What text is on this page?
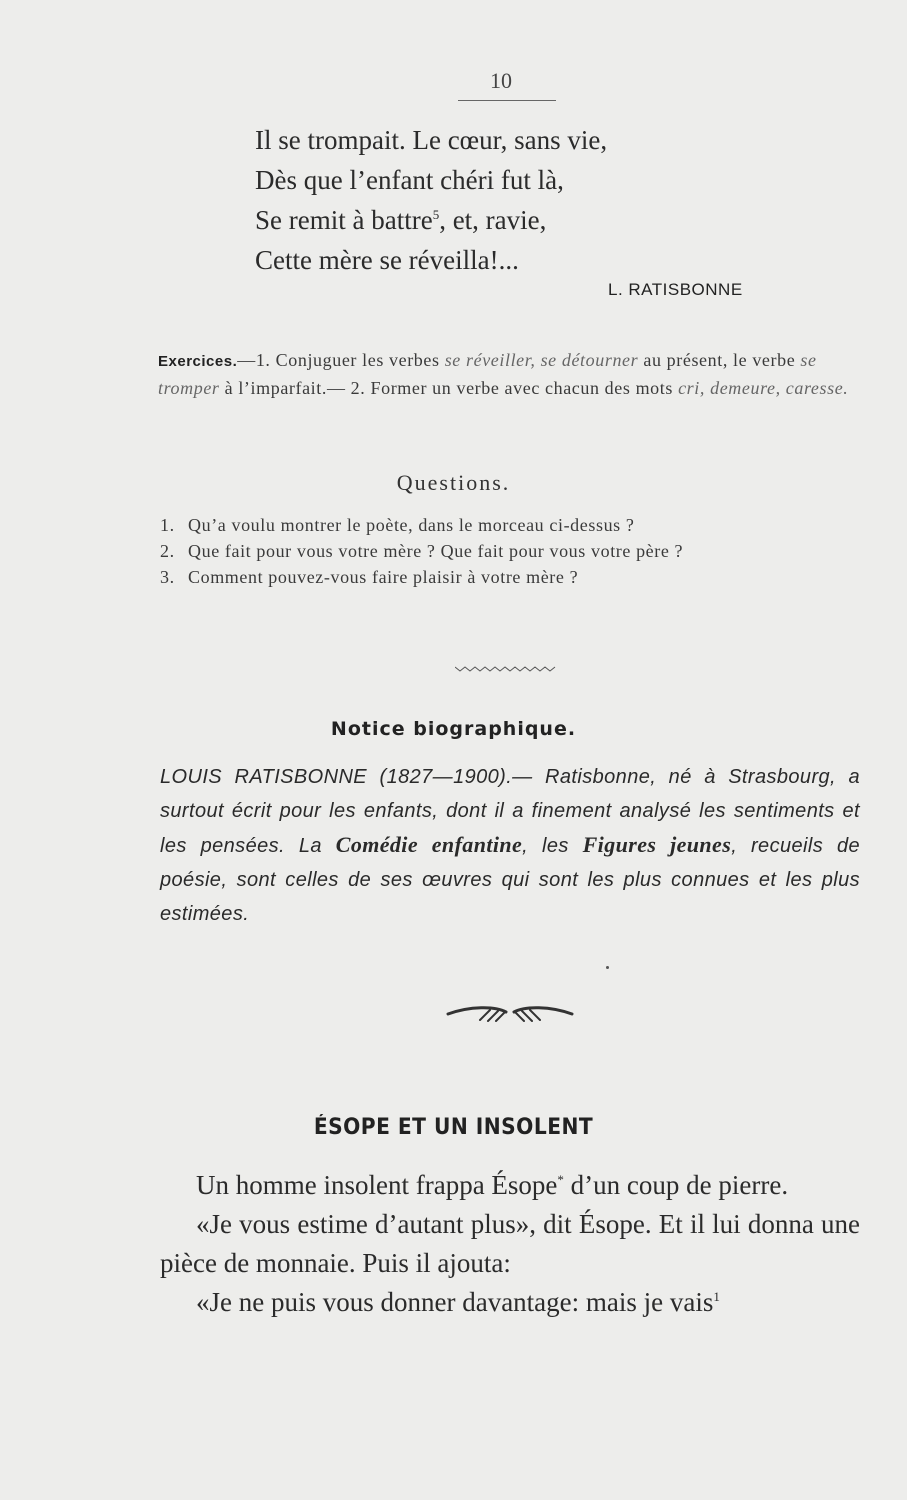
10
Il se trompait. Le cœur, sans vie,
Dès que l’enfant chéri fut là,
Se remit à battre$^5$, et, ravie,
Cette mère se réveilla!...
L. RATISBONNE
Exercices.—1. Conjuguer les verbes se réveiller, se détourner au présent, le verbe se tromper à l’imparfait.— 2. Former un verbe avec chacun des mots cri, demeure, caresse.
Questions.
1. Qu’a voulu montrer le poète, dans le morceau ci-dessus ?
2. Que fait pour vous votre mère ? Que fait pour vous votre père ?
3. Comment pouvez-vous faire plaisir à votre mère ?
Notice biographique.
LOUIS RATISBONNE (1827—1900).— Ratisbonne, né à Strasbourg, a surtout écrit pour les enfants, dont il a finement analysé les sentiments et les pensées. La Comédie enfantine, les Figures jeunes, recueils de poésie, sont celles de ses œuvres qui sont les plus connues et les plus estimées.
ÉSOPE ET UN INSOLENT

Un homme insolent frappa Ésope* d’un coup de pierre.

«Je vous estime d’autant plus», dit Ésope. Et il lui donna une pièce de monnaie. Puis il ajouta:

«Je ne puis vous donner davantage: mais je vais$^1$
